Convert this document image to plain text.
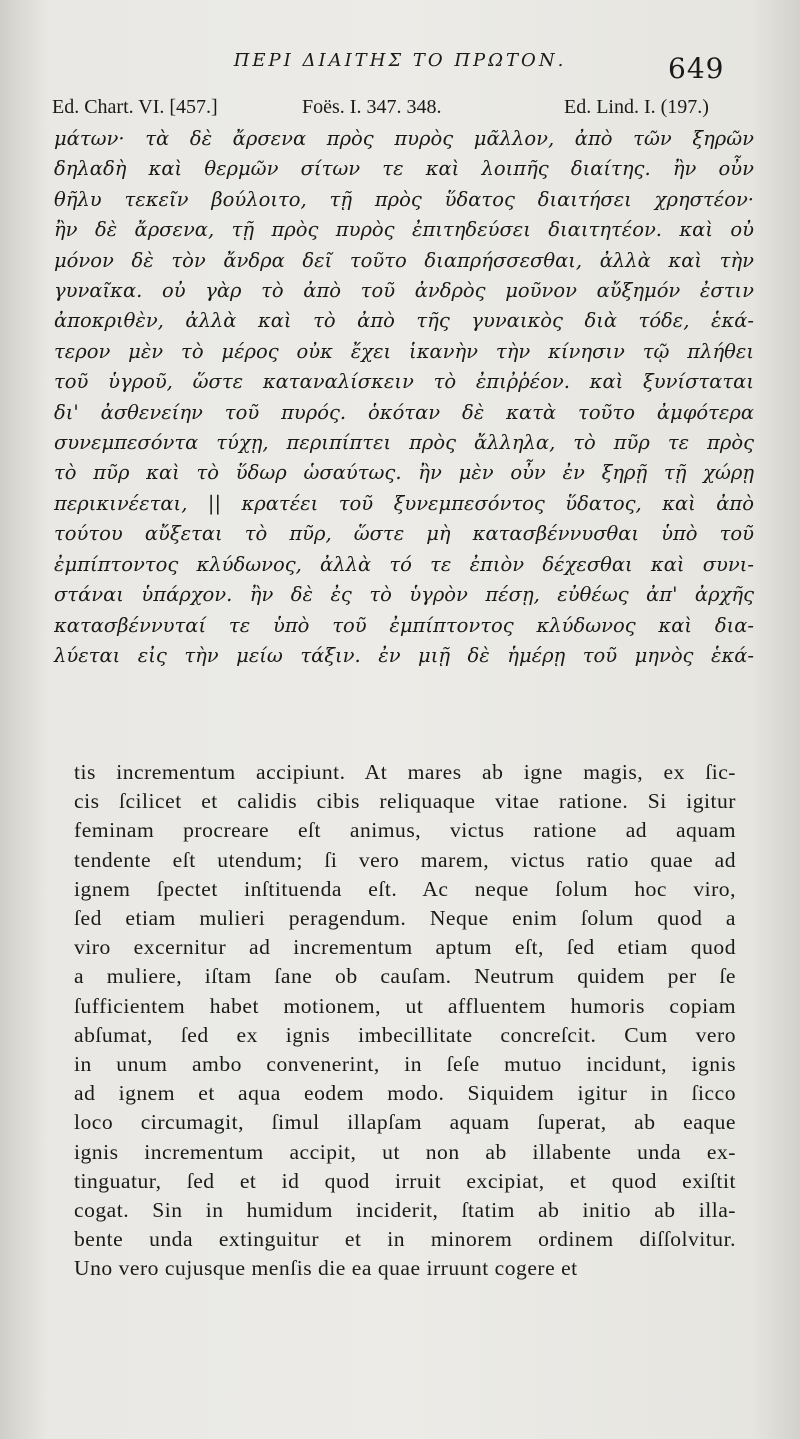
ΠΕΡΙ ΔΙΑΙΤΗΣ ΤΟ ΠΡΩΤΟΝ.	649
Ed. Chart. VI. [457.]	Foës. I. 347. 348.	Ed. Lind. I. (197.)
μάτων· τὰ δὲ ἄρσενα πρὸς πυρὸς μᾶλλον, ἀπὸ τῶν ξηρῶν
δηλαδὴ καὶ θερμῶν σίτων τε καὶ λοιπῆς διαίτης. ἢν οὖν
θῆλυ τεκεῖν βούλοιτο, τῇ πρὸς ὕδατος διαιτήσει χρηστέον·
ἢν δὲ ἄρσενα, τῇ πρὸς πυρὸς ἐπιτηδεύσει διαιτητέον. καὶ οὐ
μόνον δὲ τὸν ἄνδρα δεῖ τοῦτο διαπρήσσεσθαι, ἀλλὰ καὶ τὴν
γυναῖκα. οὐ γὰρ τὸ ἀπὸ τοῦ ἀνδρὸς μοῦνον αὔξημόν ἐστιν
ἀποκριθὲν, ἀλλὰ καὶ τὸ ἀπὸ τῆς γυναικὸς διὰ τόδε, ἑκά-
τερον μὲν τὸ μέρος οὐκ ἔχει ἱκανὴν τὴν κίνησιν τῷ πλήθει
τοῦ ὑγροῦ, ὥστε καταναλίσκειν τὸ ἐπιῤῥέον. καὶ ξυνίσταται
δι' ἀσθενείην τοῦ πυρός. ὁκόταν δὲ κατὰ τοῦτο ἀμφότερα
συνεμπεσόντα τύχῃ, περιπίπτει πρὸς ἄλληλα, τὸ πῦρ τε πρὸς
τὸ πῦρ καὶ τὸ ὕδωρ ὡσαύτως. ἢν μὲν οὖν ἐν ξηρῇ τῇ χώρῃ
περικινέεται, || κρατέει τοῦ ξυνεμπεσόντος ὕδατος, καὶ ἀπὸ
τούτου αὔξεται τὸ πῦρ, ὥστε μὴ κατασβέννυσθαι ὑπὸ τοῦ
ἐμπίπτοντος κλύδωνος, ἀλλὰ τό τε ἐπιὸν δέχεσθαι καὶ συνι-
στάναι ὑπάρχον. ἢν δὲ ἐς τὸ ὑγρὸν πέσῃ, εὐθέως ἀπ' ἀρχῆς
κατασβέννυταί τε ὑπὸ τοῦ ἐμπίπτοντος κλύδωνος καὶ δια-
λύεται εἰς τὴν μείω τάξιν. ἐν μιῇ δὲ ἡμέρῃ τοῦ μηνὸς ἑκά-
tis incrementum accipiunt. At mares ab igne magis, ex ſic-
cis ſcilicet et calidis cibis reliquaque vitae ratione. Si igitur
feminam procreare eſt animus, victus ratione ad aquam
tendente eſt utendum; ſi vero marem, victus ratio quae ad
ignem ſpectet inſtituenda eſt. Ac neque ſolum hoc viro,
ſed etiam mulieri peragendum. Neque enim ſolum quod a
viro excernitur ad incrementum aptum eſt, ſed etiam quod
a muliere, iſtam ſane ob cauſam. Neutrum quidem per ſe
ſufficientem habet motionem, ut affluentem humoris copiam
abſumat, ſed ex ignis imbecillitate concreſcit. Cum vero
in unum ambo convenerint, in ſeſe mutuo incidunt, ignis
ad ignem et aqua eodem modo. Siquidem igitur in ſicco
loco circumagit, ſimul illapſam aquam ſuperat, ab eaque
ignis incrementum accipit, ut non ab illabente unda ex-
tinguatur, ſed et id quod irruit excipiat, et quod exiſtit
cogat. Sin in humidum inciderit, ſtatim ab initio ab illa-
bente unda extinguitur et in minorem ordinem diſſolvitur.
Uno vero cujusque menſis die ea quae irruunt cogere et
